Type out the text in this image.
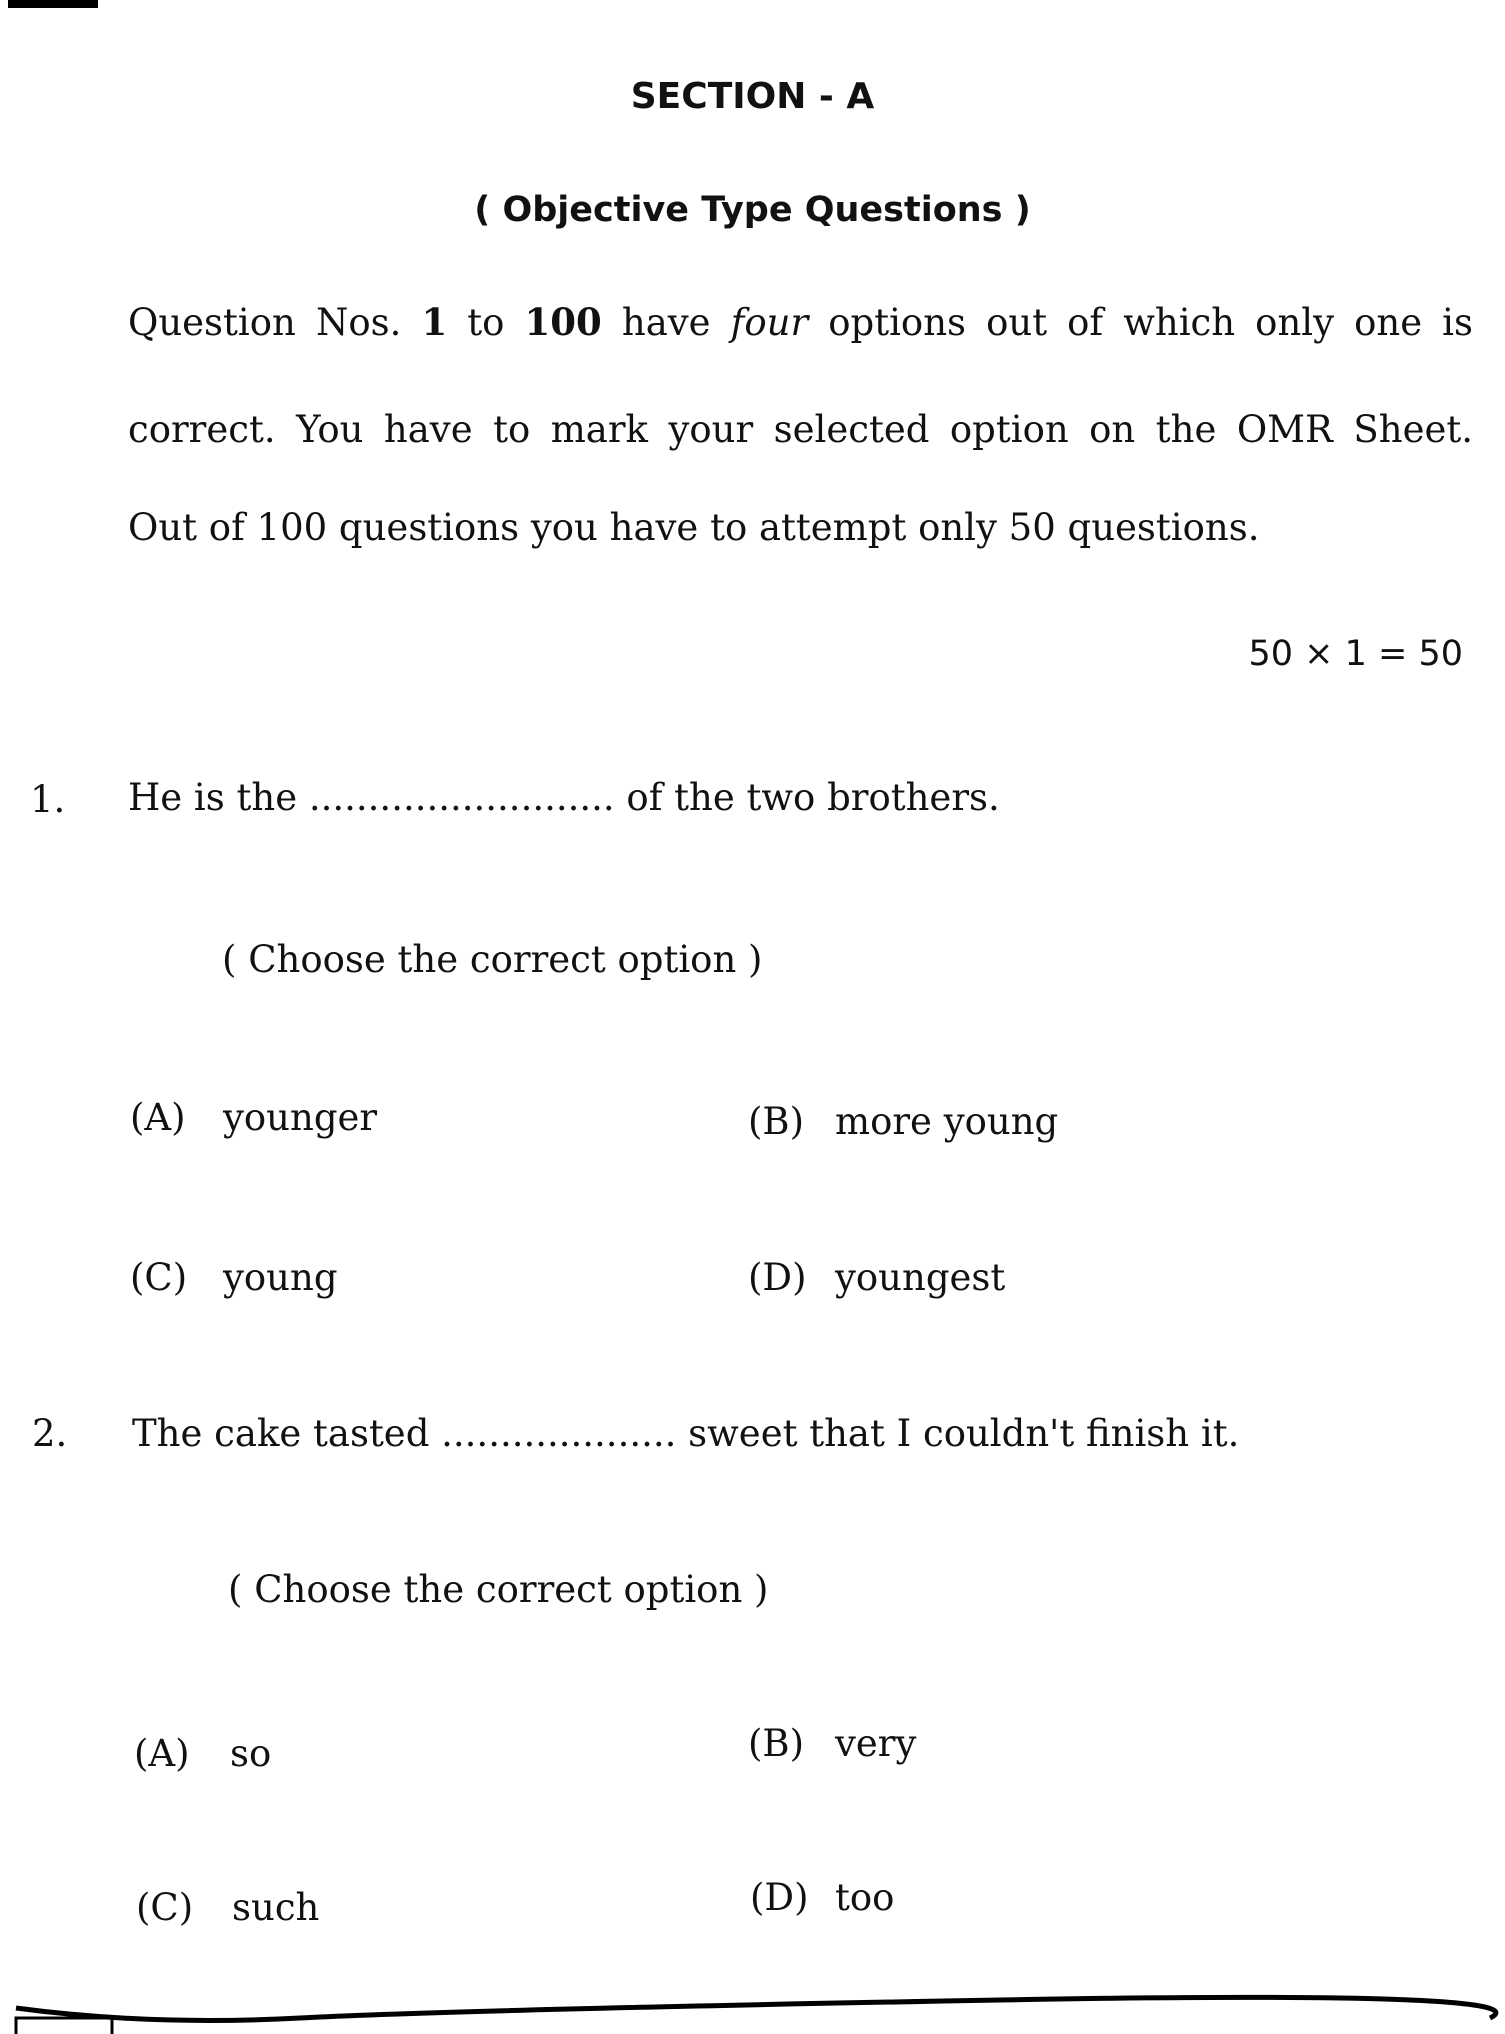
SECTION - A
( Objective Type Questions )
Question Nos. 1 to 100 have four options out of which only one is
correct. You have to mark your selected option on the OMR Sheet.
Out of 100 questions you have to attempt only 50 questions.
50 × 1 = 50
1. He is the .......................... of the two brothers.
( Choose the correct option )
(A) younger	(B) more young
(C) young	(D) youngest
2. The cake tasted .................... sweet that I couldn't finish it.
( Choose the correct option )
(A) so	(B) very
(C) such	(D) too
